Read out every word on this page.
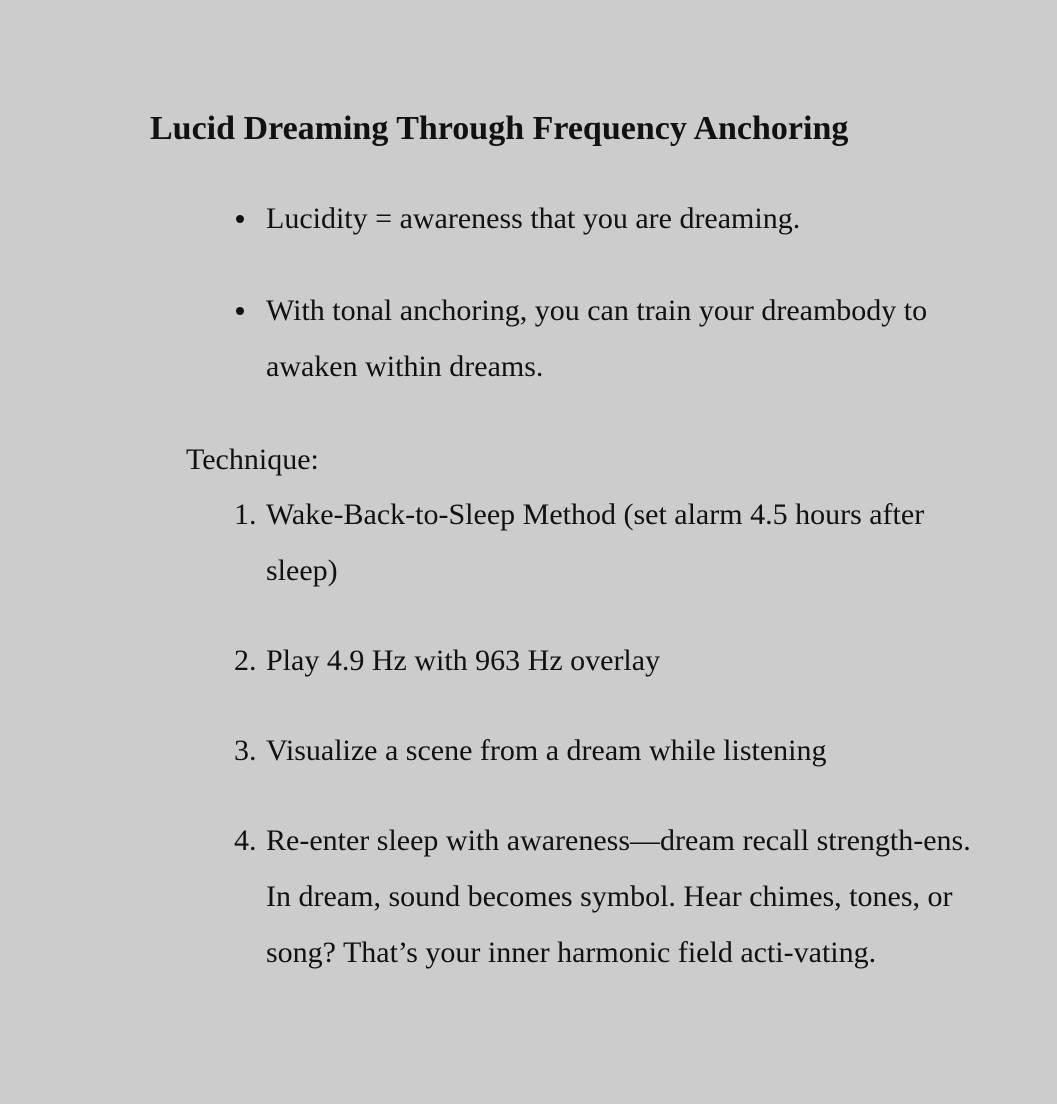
Lucid Dreaming Through Frequency Anchoring
Lucidity = awareness that you are dreaming.
With tonal anchoring, you can train your dreambody to awaken within dreams.

Technique:

1. Wake-Back-to-Sleep Method (set alarm 4.5 hours after sleep)
2. Play 4.9 Hz with 963 Hz overlay
3. Visualize a scene from a dream while listening
4. Re-enter sleep with awareness—dream recall strength-ens. In dream, sound becomes symbol. Hear chimes, tones, or song? That’s your inner harmonic field acti-vating.
